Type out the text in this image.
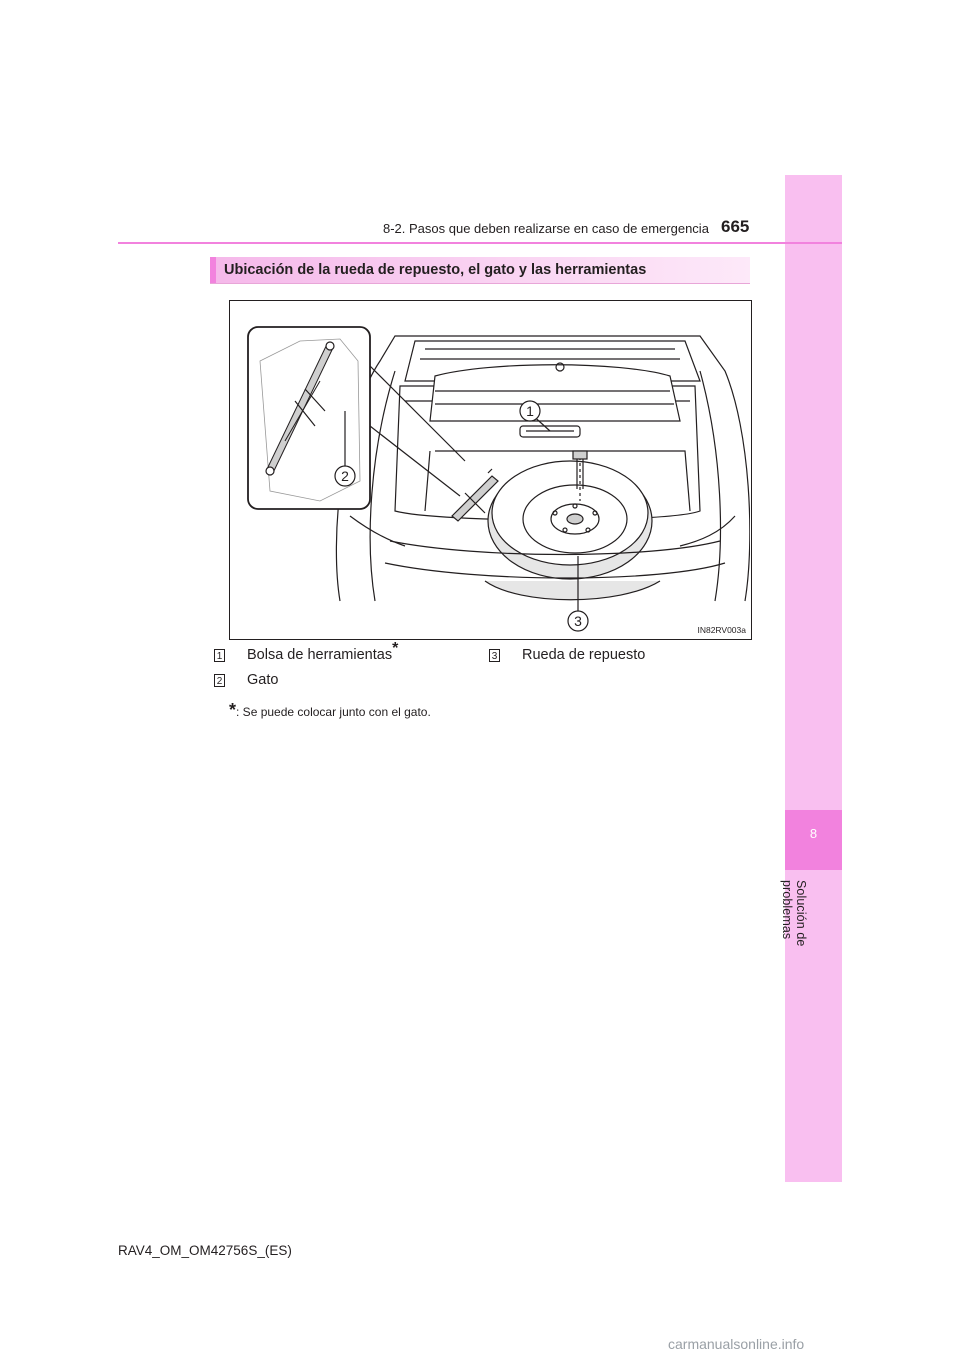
8
Solución de problemas
8-2. Pasos que deben realizarse en caso de emergencia 665
Ubicación de la rueda de repuesto, el gato y las herramientas
1
2
3
IN82RV003a
1 Bolsa de herramientas*
2 Gato
3 Rueda de repuesto
*: Se puede colocar junto con el gato.
RAV4_OM_OM42756S_(ES)
carmanualsonline.info
